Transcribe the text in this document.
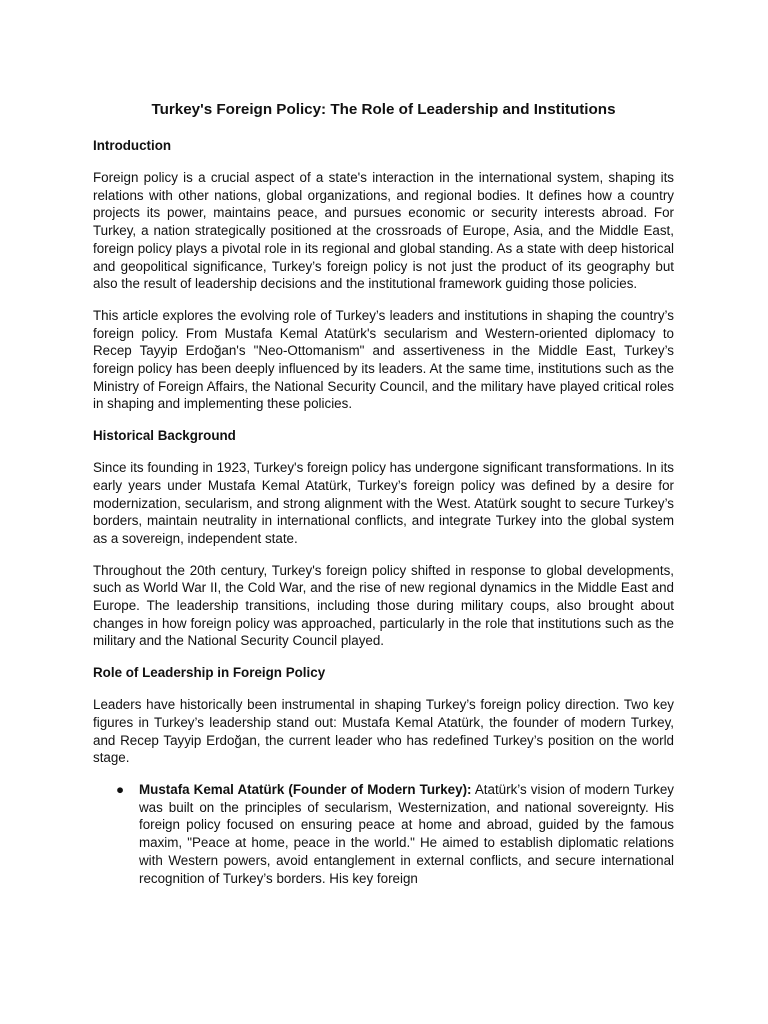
Turkey's Foreign Policy: The Role of Leadership and Institutions
Introduction

Foreign policy is a crucial aspect of a state's interaction in the international system, shaping its relations with other nations, global organizations, and regional bodies. It defines how a country projects its power, maintains peace, and pursues economic or security interests abroad. For Turkey, a nation strategically positioned at the crossroads of Europe, Asia, and the Middle East, foreign policy plays a pivotal role in its regional and global standing. As a state with deep historical and geopolitical significance, Turkey’s foreign policy is not just the product of its geography but also the result of leadership decisions and the institutional framework guiding those policies.

This article explores the evolving role of Turkey’s leaders and institutions in shaping the country’s foreign policy. From Mustafa Kemal Atatürk's secularism and Western-oriented diplomacy to Recep Tayyip Erdoğan's "Neo-Ottomanism" and assertiveness in the Middle East, Turkey’s foreign policy has been deeply influenced by its leaders. At the same time, institutions such as the Ministry of Foreign Affairs, the National Security Council, and the military have played critical roles in shaping and implementing these policies.

Historical Background

Since its founding in 1923, Turkey's foreign policy has undergone significant transformations. In its early years under Mustafa Kemal Atatürk, Turkey’s foreign policy was defined by a desire for modernization, secularism, and strong alignment with the West. Atatürk sought to secure Turkey’s borders, maintain neutrality in international conflicts, and integrate Turkey into the global system as a sovereign, independent state.

Throughout the 20th century, Turkey's foreign policy shifted in response to global developments, such as World War II, the Cold War, and the rise of new regional dynamics in the Middle East and Europe. The leadership transitions, including those during military coups, also brought about changes in how foreign policy was approached, particularly in the role that institutions such as the military and the National Security Council played.

Role of Leadership in Foreign Policy

Leaders have historically been instrumental in shaping Turkey’s foreign policy direction. Two key figures in Turkey’s leadership stand out: Mustafa Kemal Atatürk, the founder of modern Turkey, and Recep Tayyip Erdoğan, the current leader who has redefined Turkey’s position on the world stage.

● Mustafa Kemal Atatürk (Founder of Modern Turkey): Atatürk’s vision of modern Turkey was built on the principles of secularism, Westernization, and national sovereignty. His foreign policy focused on ensuring peace at home and abroad, guided by the famous maxim, "Peace at home, peace in the world." He aimed to establish diplomatic relations with Western powers, avoid entanglement in external conflicts, and secure international recognition of Turkey’s borders. His key foreign
